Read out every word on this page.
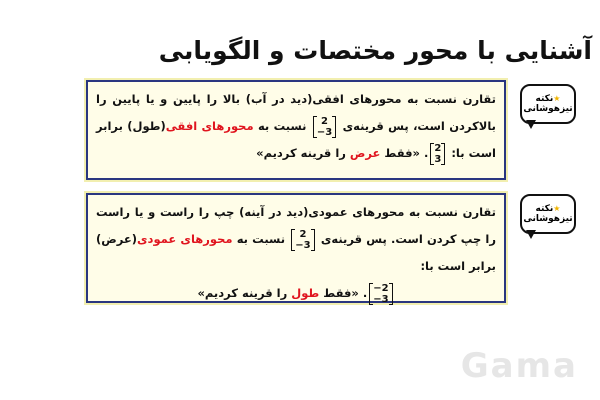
آشنایی با محور مختصات و الگویابی
تقارن نسبت به محورهای افقی(دید در آب) بالا را پایین و یا پایین را بالاکردن است، پس قرینه‌ی
2
−3
نسبت به محورهای افقی(طول) برابر است با:
2
3
. «فقط عرض را قرینه کردیم»
★نکته
تیزهوشانی
تقارن نسبت به محورهای عمودی(دید در آینه) چپ را راست و یا راست را چپ کردن است. پس قرینه‌ی
2
−3
نسبت به محورهای عمودی(عرض) برابر است با:
−2
−3
. «فقط طول را قرینه کردیم»
★نکته
تیزهوشانی
Gama
